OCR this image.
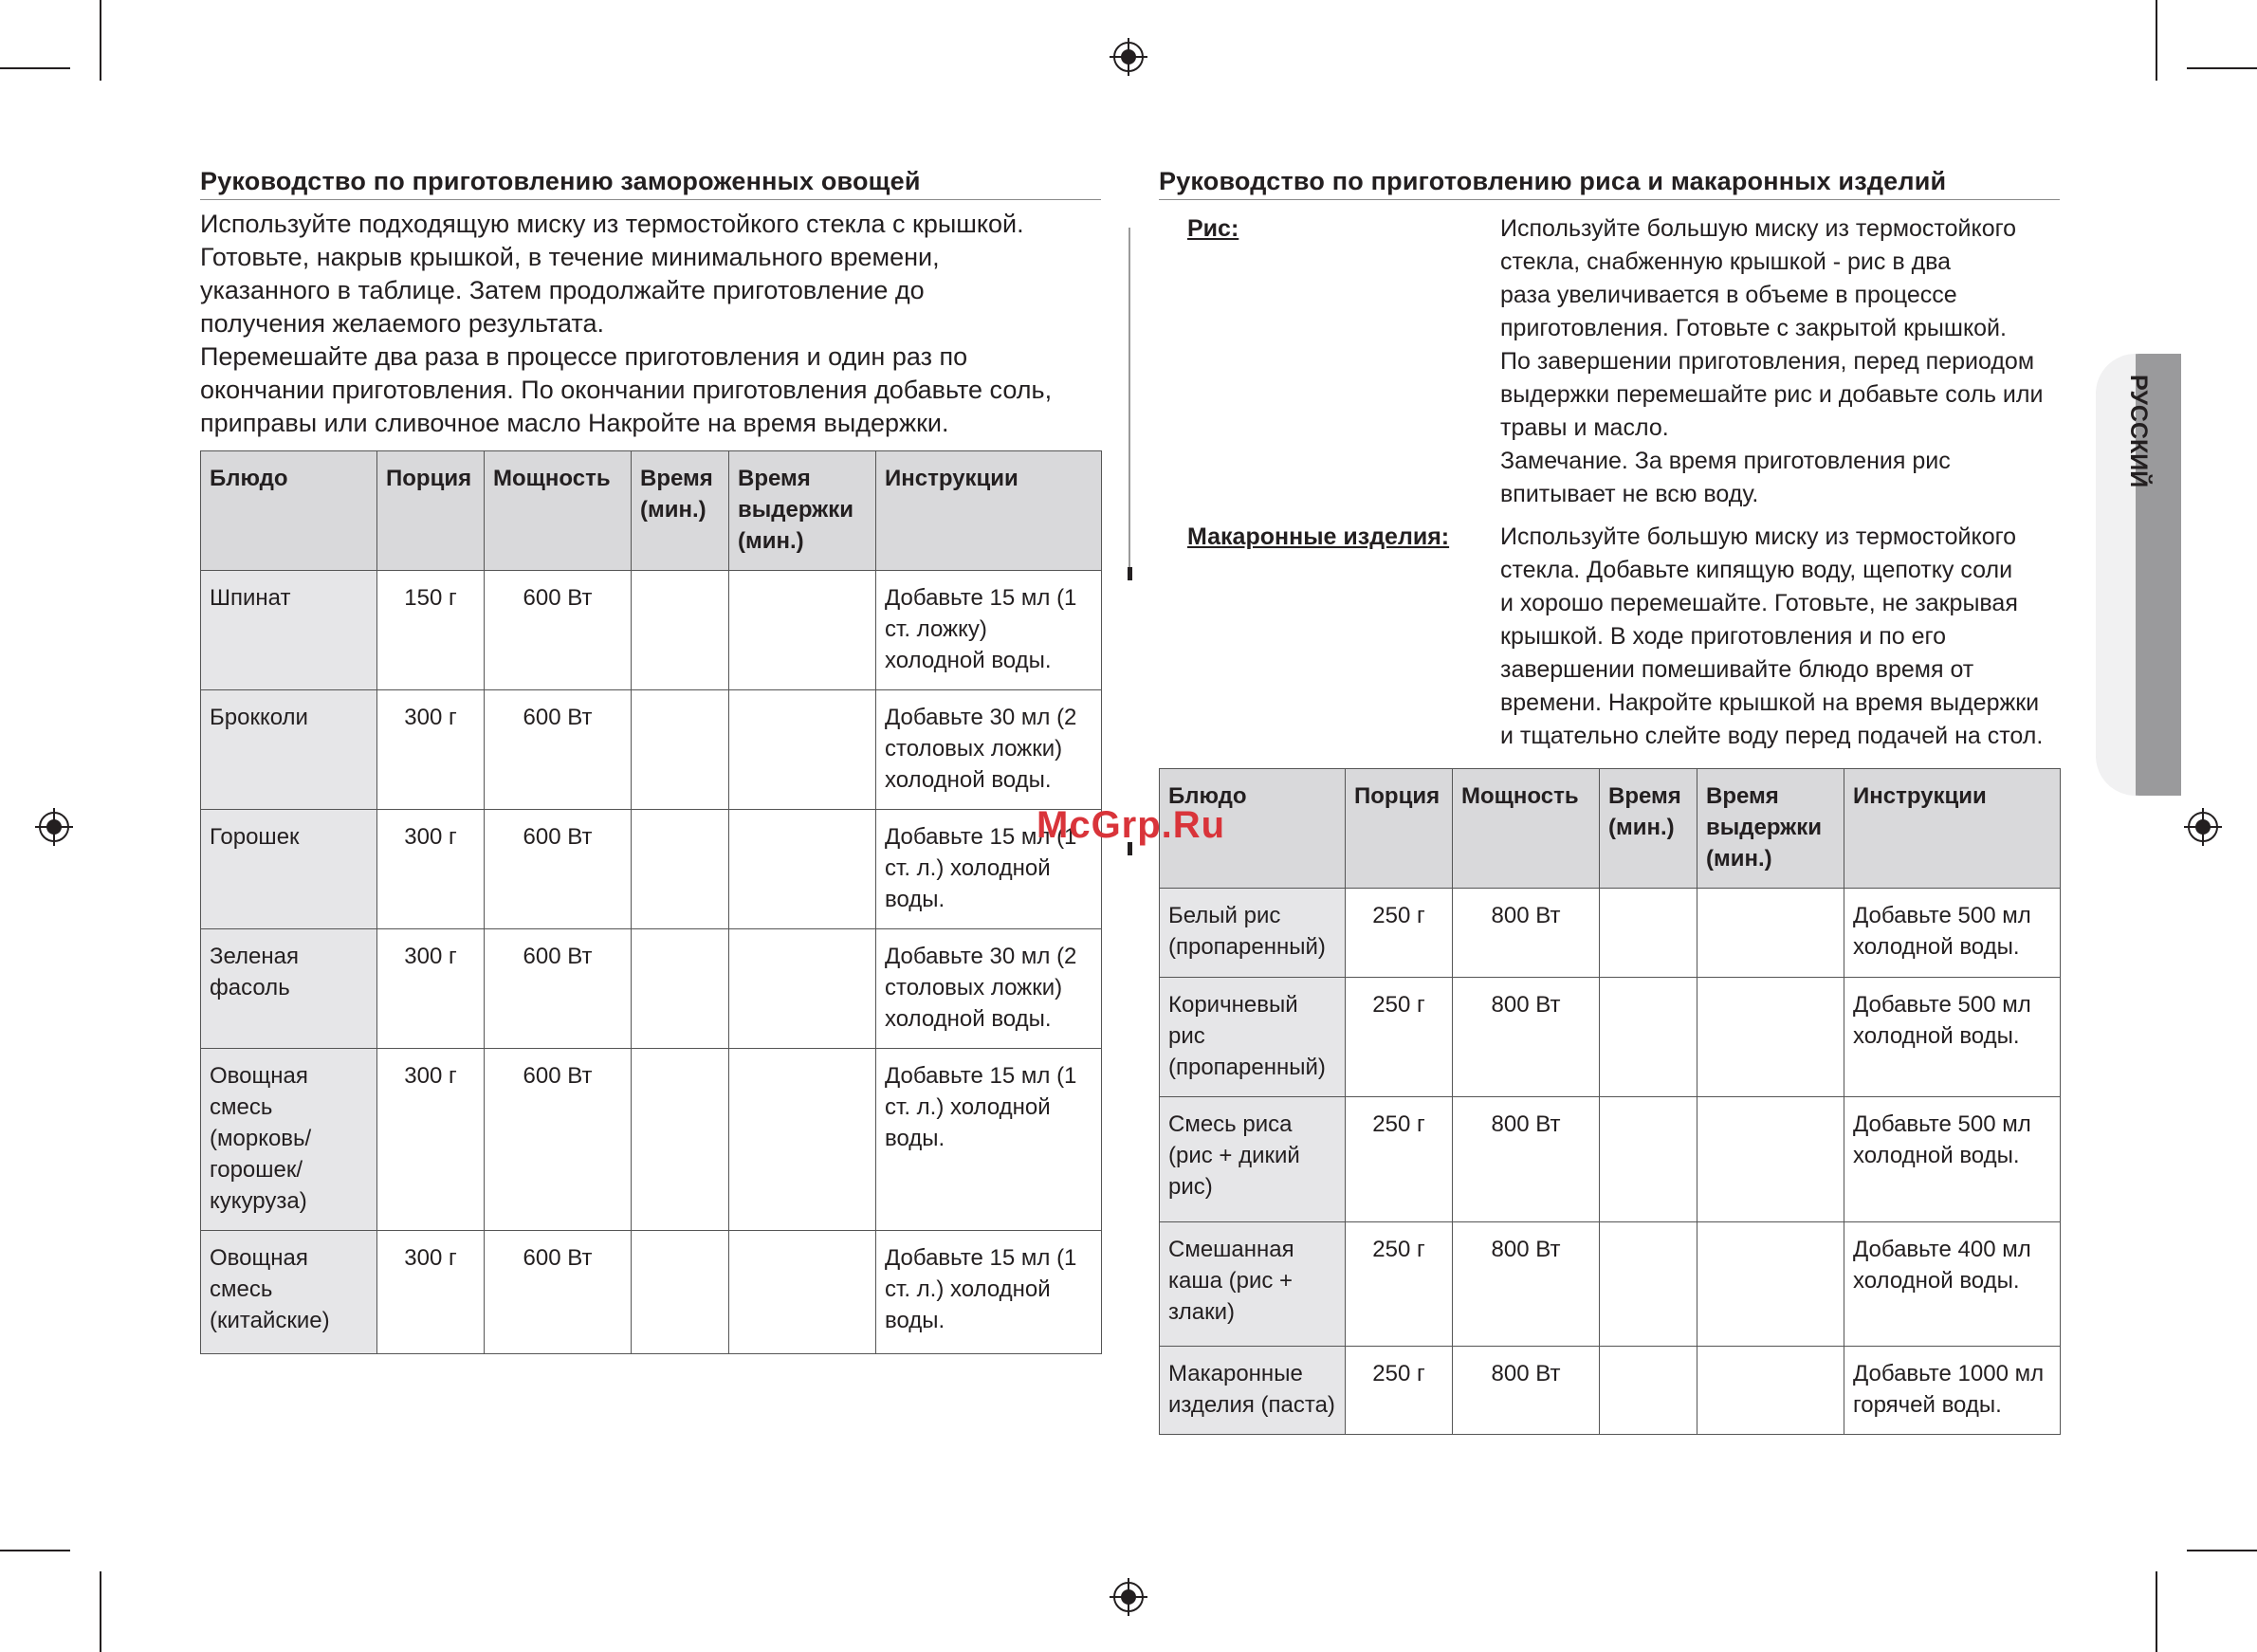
Руководство по приготовлению замороженных овощей

Используйте подходящую миску из термостойкого стекла с крышкой.

Готовьте, накрыв крышкой, в течение минимального времени,

указанного в таблице. Затем продолжайте приготовление до

получения желаемого результата.

Перемешайте два раза в процессе приготовления и один раз по

окончании приготовления. По окончании приготовления добавьте соль,

приправы или сливочное масло Накройте на время выдержки.

Блюдо	Порция	Мощность	Время (мин.)	Время выдержки (мин.)	Инструкции
Шпинат	150 г	600 Вт			Добавьте 15 мл (1 ст. ложку) холодной воды.
Брокколи	300 г	600 Вт			Добавьте 30 мл (2 столовых ложки) холодной воды.
Горошек	300 г	600 Вт			Добавьте 15 мл (1 ст. л.) холодной воды.
Зеленая фасоль	300 г	600 Вт			Добавьте 30 мл (2 столовых ложки) холодной воды.
Овощная смесь (морковь/ горошек/ кукуруза)	300 г	600 Вт			Добавьте 15 мл (1 ст. л.) холодной воды.
Овощная смесь (китайские)	300 г	600 Вт			Добавьте 15 мл (1 ст. л.) холодной воды.
Руководство по приготовлению риса и макаронных изделий
Рис:	Используйте большую миску из термостойкого
стекла, снабженную крышкой - рис в два
раза увеличивается в объеме в процессе
приготовления. Готовьте с закрытой крышкой.
По завершении приготовления, перед периодом
выдержки перемешайте рис и добавьте соль или
травы и масло.
Замечание. За время приготовления рис
впитывает не всю воду.
Макаронные изделия: Используйте большую миску из термостойкого
стекла. Добавьте кипящую воду, щепотку соли
и хорошо перемешайте. Готовьте, не закрывая
крышкой. В ходе приготовления и по его
завершении помешивайте блюдо время от
времени. Накройте крышкой на время выдержки
и тщательно слейте воду перед подачей на стол.
Блюдо	Порция	Мощность	Время (мин.)	Время выдержки (мин.)	Инструкции
Белый рис (пропаренный)	250 г	800 Вт			Добавьте 500 мл холодной воды.
Коричневый рис (пропаренный)	250 г	800 Вт			Добавьте 500 мл холодной воды.
Смесь риса (рис + дикий рис)	250 г	800 Вт			Добавьте 500 мл холодной воды.
Смешанная каша (рис + злаки)	250 г	800 Вт			Добавьте 400 мл холодной воды.
Макаронные изделия (паста)	250 г	800 Вт			Добавьте 1000 мл горячей воды.
РУССКИЙ
McGrp.Ru
